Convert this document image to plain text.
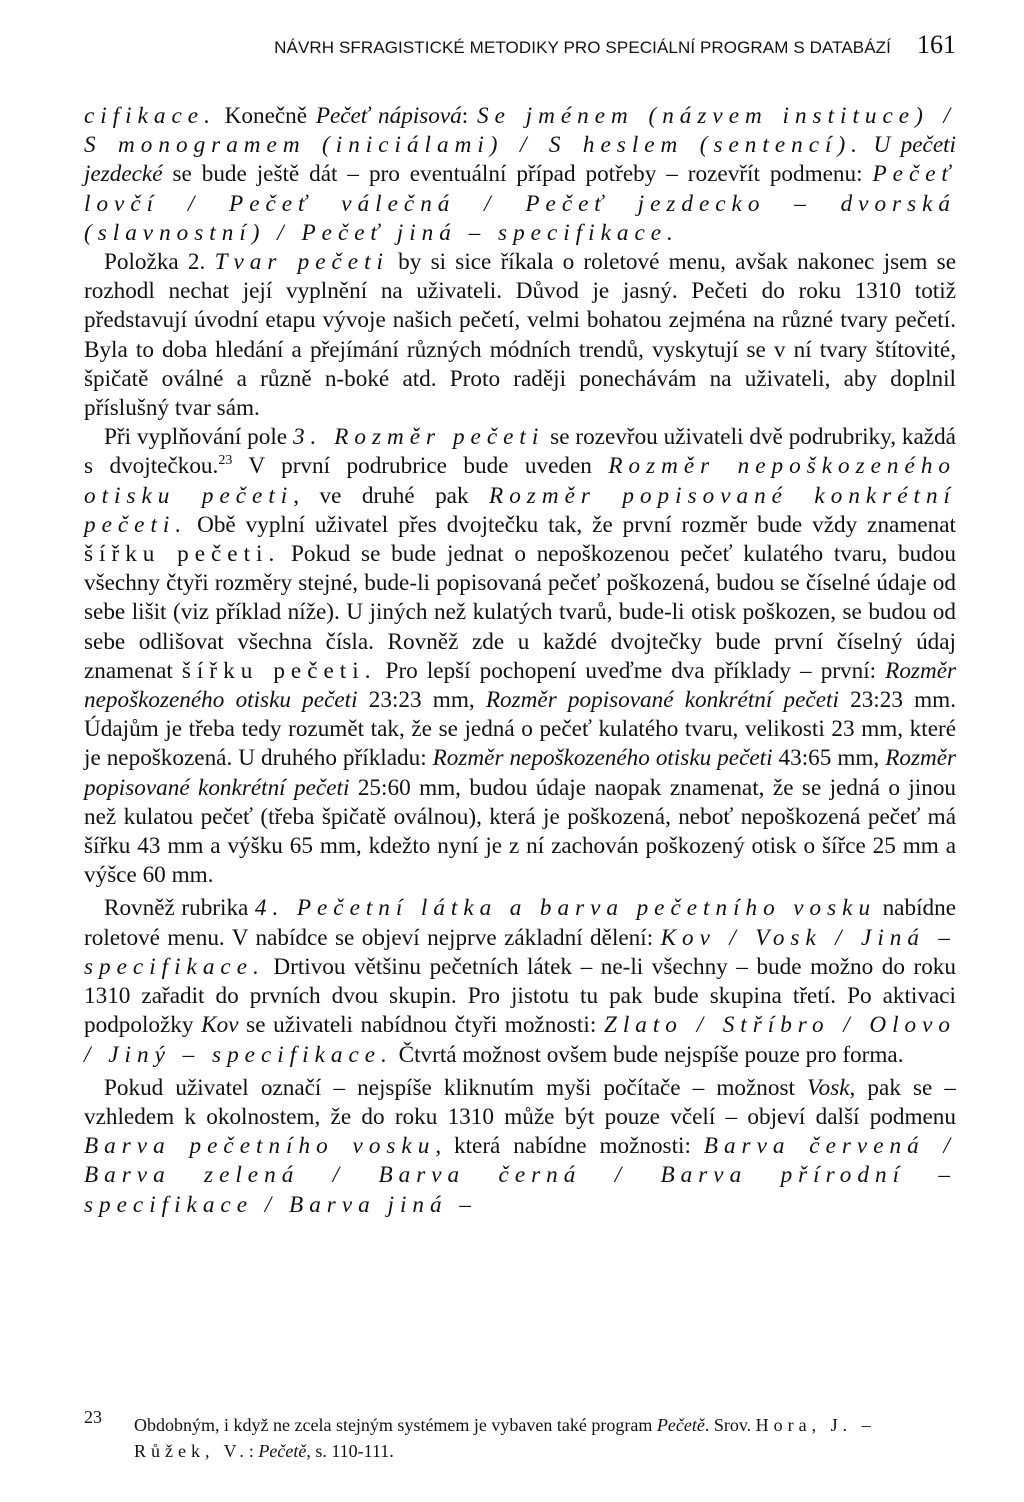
NÁVRH SFRAGISTICKÉ METODIKY PRO SPECIÁLNÍ PROGRAM S DATABÁZÍ 161

cifikace. Konečně Pečeť nápisová: Se jménem (názvem instituce) / S monogramem (iniciálami) / S heslem (sentencí). U pečeti jezdecké se bude ještě dát – pro eventuální případ potřeby – rozevřít podmenu: Pečeť lovčí / Pečeť válečná / Pečeť jezdecko – dvorská (slavnostní) / Pečeť jiná – specifikace.

Položka 2. Tvar pečeti by si sice říkala o roletové menu, avšak nakonec jsem se rozhodl nechat její vyplnění na uživateli. Důvod je jasný. Pečeti do roku 1310 totiž představují úvodní etapu vývoje našich pečetí, velmi bohatou zejména na různé tvary pečetí. Byla to doba hledání a přejímání různých módních trendů, vyskytují se v ní tvary štítovité, špičatě oválné a různě n-boké atd. Proto raději ponechávám na uživateli, aby doplnil příslušný tvar sám.

Při vyplňování pole 3. Rozměr pečeti se rozevřou uživateli dvě podrubriky, každá s dvojtečkou.$^{23}$ V první podrubrice bude uveden Rozměr nepoškozeného otisku pečeti, ve druhé pak Rozměr popisované konkrétní pečeti. Obě vyplní uživatel přes dvojtečku tak, že první rozměr bude vždy znamenat šířku pečeti. Pokud se bude jednat o nepoškozenou pečeť kulatého tvaru, budou všechny čtyři rozměry stejné, bude-li popisovaná pečeť poškozená, budou se číselné údaje od sebe lišit (viz příklad níže). U jiných než kulatých tvarů, bude-li otisk poškozen, se budou od sebe odlišovat všechna čísla. Rovněž zde u každé dvojtečky bude první číselný údaj znamenat šířku pečeti. Pro lepší pochopení uveďme dva příklady – první: Rozměr nepoškozeného otisku pečeti 23:23 mm, Rozměr popisované konkrétní pečeti 23:23 mm. Údajům je třeba tedy rozumět tak, že se jedná o pečeť kulatého tvaru, velikosti 23 mm, které je nepoškozená. U druhého příkladu: Rozměr nepoškozeného otisku pečeti 43:65 mm, Rozměr popisované konkrétní pečeti 25:60 mm, budou údaje naopak znamenat, že se jedná o jinou než kulatou pečeť (třeba špičatě oválnou), která je poškozená, neboť nepoškozená pečeť má šířku 43 mm a výšku 65 mm, kdežto nyní je z ní zachován poškozený otisk o šířce 25 mm a výšce 60 mm.

Rovněž rubrika 4. Pečetní látka a barva pečetního vosku nabídne roletové menu. V nabídce se objeví nejprve základní dělení: Kov / Vosk / Jiná – specifikace. Drtivou většinu pečetních látek – ne-li všechny – bude možno do roku 1310 zařadit do prvních dvou skupin. Pro jistotu tu pak bude skupina třetí. Po aktivaci podpoložky Kov se uživateli nabídnou čtyři možnosti: Zlato / Stříbro / Olovo / Jiný – specifikace. Čtvrtá možnost ovšem bude nejspíše pouze pro forma.

Pokud uživatel označí – nejspíše kliknutím myši počítače – možnost Vosk, pak se – vzhledem k okolnostem, že do roku 1310 může být pouze včelí – objeví další podmenu Barva pečetního vosku, která nabídne možnosti: Barva červená / Barva zelená / Barva černá / Barva přírodní – specifikace / Barva jiná –

23	Obdobným, i když ne zcela stejným systémem je vybaven také program Pečetě. Srov. Hora, J. – Růžek, V.: Pečetě, s. 110-111.
